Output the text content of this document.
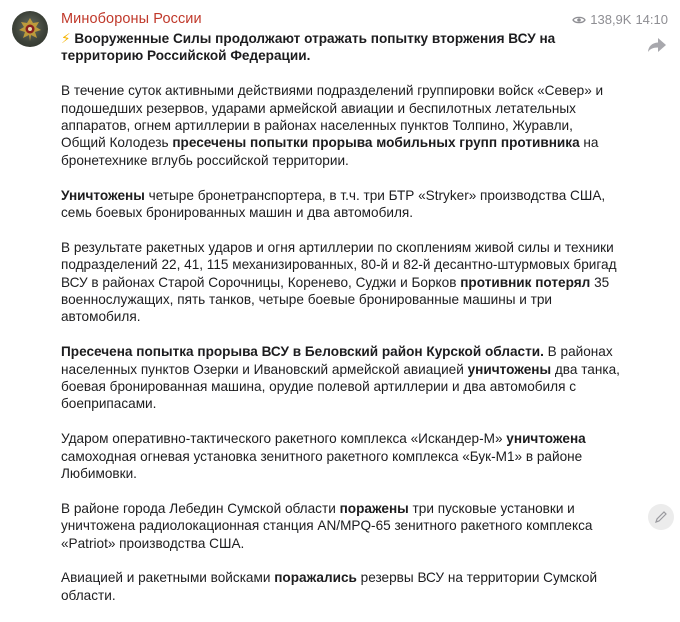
Минобороны России	138,9K 14:10

⚡ Вооруженные Силы продолжают отражать попытку вторжения ВСУ на территорию Российской Федерации.

В течение суток активными действиями подразделений группировки войск «Север» и подошедших резервов, ударами армейской авиации и беспилотных летательных аппаратов, огнем артиллерии в районах населенных пунктов Толпино, Журавли, Общий Колодезь пресечены попытки прорыва мобильных групп противника на бронетехнике вглубь российской территории.

Уничтожены четыре бронетранспортера, в т.ч. три БТР «Stryker» производства США, семь боевых бронированных машин и два автомобиля.

В результате ракетных ударов и огня артиллерии по скоплениям живой силы и техники подразделений 22, 41, 115 механизированных, 80-й и 82-й десантно-штурмовых бригад ВСУ в районах Старой Сорочницы, Коренево, Суджи и Борков противник потерял 35 военнослужащих, пять танков, четыре боевые бронированные машины и три автомобиля.

Пресечена попытка прорыва ВСУ в Беловский район Курской области. В районах населенных пунктов Озерки и Ивановский армейской авиацией уничтожены два танка, боевая бронированная машина, орудие полевой артиллерии и два автомобиля с боеприпасами.

Ударом оперативно-тактического ракетного комплекса «Искандер-М» уничтожена самоходная огневая установка зенитного ракетного комплекса «Бук-М1» в районе Любимовки.

В районе города Лебедин Сумской области поражены три пусковые установки и уничтожена радиолокационная станция AN/MPQ-65 зенитного ракетного комплекса «Patriot» производства США.

Авиацией и ракетными войсками поражались резервы ВСУ на территории Сумской области.
